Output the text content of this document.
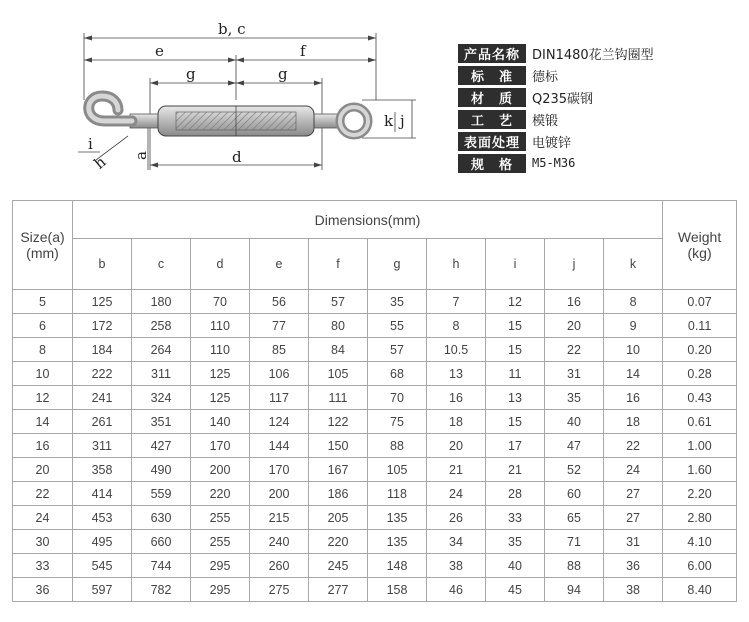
b, c
e	f
g	g
d
k j
a
h
i
产品名称 DIN1480花兰钩圈型
标　准	德标
材　质	Q235碳钢
工　艺	模锻
表面处理 电镀锌
规　格	M5-M36
Size(a)
(mm)	Dimensions(mm)										Weight
(kg)
	b	c	d	e	f	g	h	i	j	k	
5	125	180	70	56	57	35	7	12	16	8	0.07
6	172	258	110	77	80	55	8	15	20	9	0.11
8	184	264	110	85	84	57	10.5	15	22	10	0.20
10	222	311	125	106	105	68	13	11	31	14	0.28
12	241	324	125	117	111	70	16	13	35	16	0.43
14	261	351	140	124	122	75	18	15	40	18	0.61
16	311	427	170	144	150	88	20	17	47	22	1.00
20	358	490	200	170	167	105	21	21	52	24	1.60
22	414	559	220	200	186	118	24	28	60	27	2.20
24	453	630	255	215	205	135	26	33	65	27	2.80
30	495	660	255	240	220	135	34	35	71	31	4.10
33	545	744	295	260	245	148	38	40	88	36	6.00
36	597	782	295	275	277	158	46	45	94	38	8.40
